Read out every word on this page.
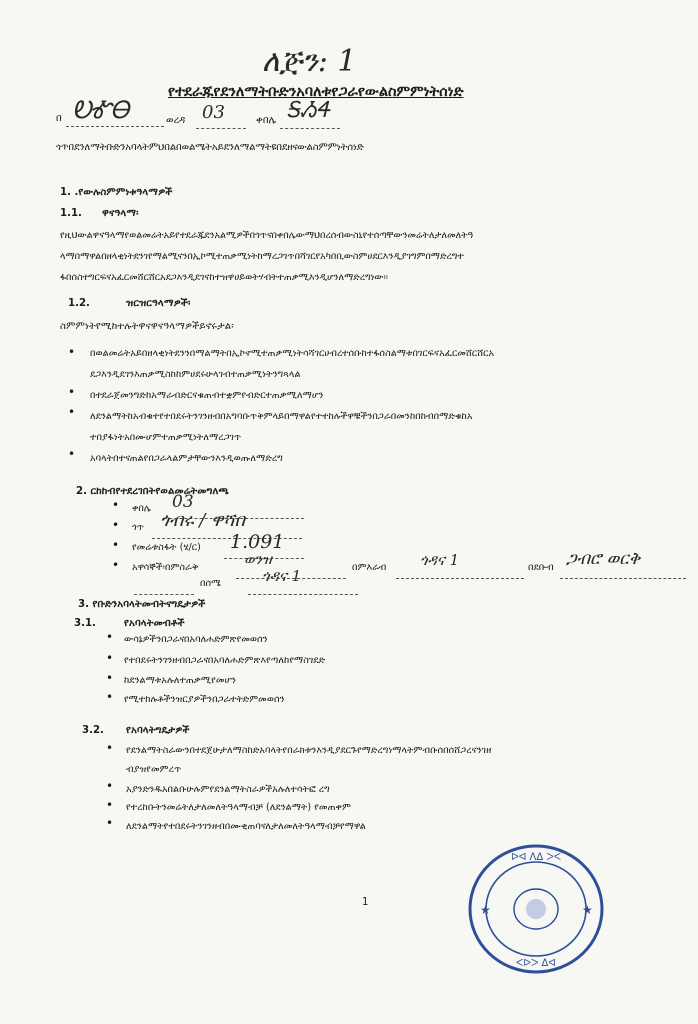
ለጅን: 1
የተደራጁየደንለማትቡድንአባለቱየጋራየውልስምምነትሰነድ
በ ᎧᎹᎾ	ወረዳ 03	ቀበሌ ᎦᏱᏎ
ጎጥበደንለማትቡድንአባላትምህበልበወልሜትአይደንለማልማትዩበደዘናውልስምምነትሰነድ
1. .የውሉስምምነቱዓላማዎች
1.1. ዋናዓላማ፡
የዚህውልዋናዓላማየወልመሬትአይየተደራጁደንአልሚዎችበጎጥናበቀበሌውማህበረሰብውስኒየተሰጣቸውንመሬትለታለመለትዓ
ላማበማዋልበዘላቂነትደንገየማልሚናንበኢኮሚተጠቃሚነትከማረጋገጥበሻገርየአካበቢውስምሀደርእንዲያገግምበማድረግተ
ፋበሰስተግርፍናአፈርመሸርሸርአደጋእንዲደገናከተዝዋሀይወትሃብትተጠቃሚእንዲሆንለማድረግነው፡፡
1.2.	ዝርዝርዓላማዎች፡
ስምምነትየሚከተሉትዋናዋናዓላማዎችይኖሩታል፡
• በወልመሬትአይበዘላቂነትደንንበማልማትበኢኮኖሚተጠቃሚነትሳሻገርሀብረተሰቡከተፋሰስልማቱበገርፍናአፈርመሸርሸርአ
ደጋእንዲደገንእጠቃሚስከከምሀደሩሁላገብተጠቃሚነትንግጻላል
• በተደራጀመንግድከአማራብድርናቁጠብተቋምየብድርተጠቃሚለማሆን
• ለደንልማትከአብቁተየተበደሩትንገንዘብበአግባቡጥቅምላይበማዋልየተተከሉችዋቹችንበጋራበመንከበከብበማድቁከአ
ተበያፋነትአበሙሆምተጠቃሚነትለማረጋገጥ
• አባላትበተናጠልየበጋራላልምታቸውንእንዲወጡለማድረግ
2. ርከከብየተደረገበትየወልመሬትመግለጫ
• ቀበሌ 03
• ጎጥ ጎብሩ / ዋሻበ
• የመሬቱስፋት (ሄ/ር) 1.091
• አዋሳኞች፡በምስራቅ	ወንዝ	በምእራብ ጎዳና 1	በደቡብ ጋብሮ ወርቅ
በሰሜ	ጎዳና 1
3. የቡድንአባላትመብትናግዴታዎች
3.1.	የአባላትመብቶች
• ውሳኔዎችንበጋራናበአባለሐድምጽየመወሰን
• የተበደሩትንገንዘብበጋራናበአባለሐድምጽእየጣለከየማስገደድ
• ከደንልማቱአሉለተጠቃሚየመሆን
• የሚተከሉቶችንዝርያዎችንበጋራተትድምመወሰን
3.2. የአባላትግዴታዎች
• የደንልማትስራውንበተደጀሁታለማስከድአባላትየበራክቱንእንዲያደርጉየማድረግነማላትምብቡሰበሰሸጋረናንገዘ
ብያዝየመምረጥ
• አያንድንዱአበልቡሁሉምየደንልማትስራዎችአሉለተሳትፎ ረግ
• የተረከቡትንመሬትለታለመለትዓላማብቻ (ለደንልማት) የመጠቀም
• ለደንልማትየተበደሩትንገንዘብበሙቂጠባናለታለመለትዓላማብቻየማዋል
1
ᐅᐊ ᐱᐃ ᐳᐸ
ᐸᐅᐳ ᐃᐊ
★	★
